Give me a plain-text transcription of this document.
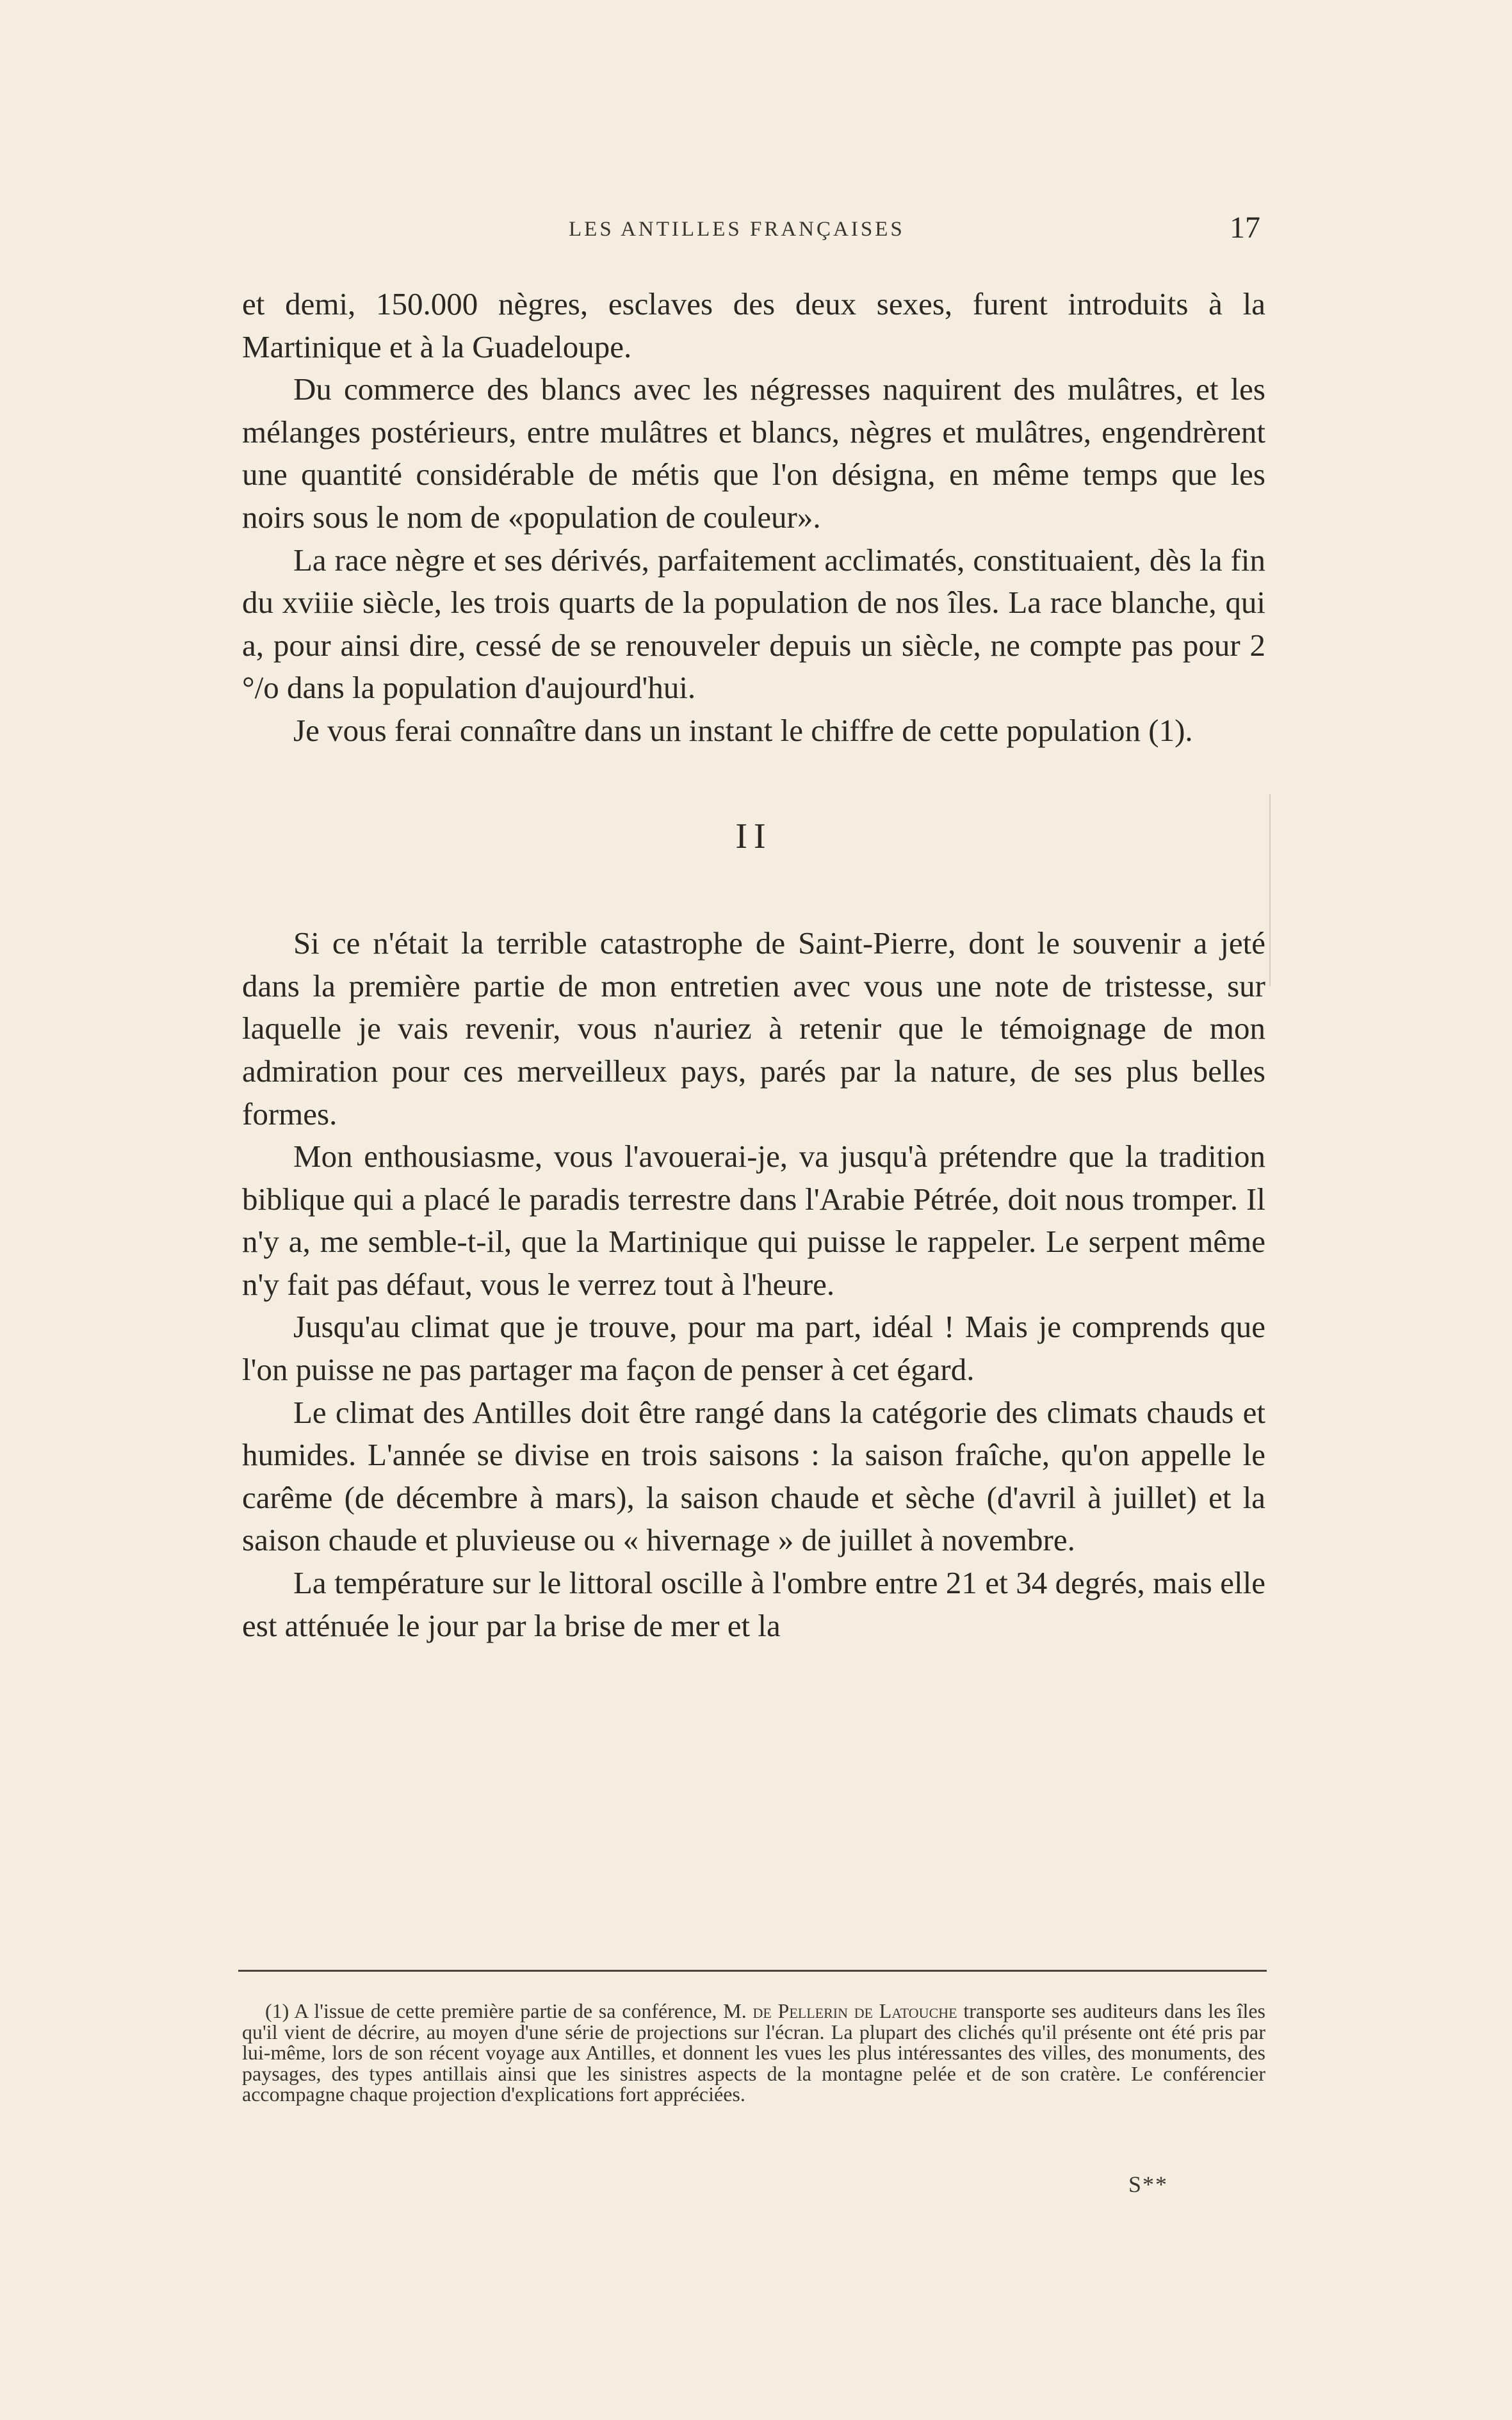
LES ANTILLES FRANÇAISES	17

et demi, 150.000 nègres, esclaves des deux sexes, furent introduits à la Martinique et à la Guadeloupe.

Du commerce des blancs avec les négresses naquirent des mulâtres, et les mélanges postérieurs, entre mulâtres et blancs, nègres et mulâtres, engendrèrent une quantité considérable de métis que l'on désigna, en même temps que les noirs sous le nom de «population de couleur».

La race nègre et ses dérivés, parfaitement acclimatés, constituaient, dès la fin du xviiie siècle, les trois quarts de la population de nos îles. La race blanche, qui a, pour ainsi dire, cessé de se renouveler depuis un siècle, ne compte pas pour 2 °/o dans la population d'aujourd'hui.

Je vous ferai connaître dans un instant le chiffre de cette population (1).

II

Si ce n'était la terrible catastrophe de Saint-Pierre, dont le souvenir a jeté dans la première partie de mon entretien avec vous une note de tristesse, sur laquelle je vais revenir, vous n'auriez à retenir que le témoignage de mon admiration pour ces merveilleux pays, parés par la nature, de ses plus belles formes.

Mon enthousiasme, vous l'avouerai-je, va jusqu'à prétendre que la tradition biblique qui a placé le paradis terrestre dans l'Arabie Pétrée, doit nous tromper. Il n'y a, me semble-t-il, que la Martinique qui puisse le rappeler. Le serpent même n'y fait pas défaut, vous le verrez tout à l'heure.

Jusqu'au climat que je trouve, pour ma part, idéal ! Mais je comprends que l'on puisse ne pas partager ma façon de penser à cet égard.

Le climat des Antilles doit être rangé dans la catégorie des climats chauds et humides. L'année se divise en trois saisons : la saison fraîche, qu'on appelle le carême (de décembre à mars), la saison chaude et sèche (d'avril à juillet) et la saison chaude et pluvieuse ou « hivernage » de juillet à novembre.

La température sur le littoral oscille à l'ombre entre 21 et 34 degrés, mais elle est atténuée le jour par la brise de mer et la

(1) A l'issue de cette première partie de sa conférence, M. de Pellerin de Latouche transporte ses auditeurs dans les îles qu'il vient de décrire, au moyen d'une série de projections sur l'écran. La plupart des clichés qu'il présente ont été pris par lui-même, lors de son récent voyage aux Antilles, et donnent les vues les plus intéressantes des villes, des monuments, des paysages, des types antillais ainsi que les sinistres aspects de la montagne pelée et de son cratère. Le conférencier accompagne chaque projection d'explications fort appréciées.
S**
